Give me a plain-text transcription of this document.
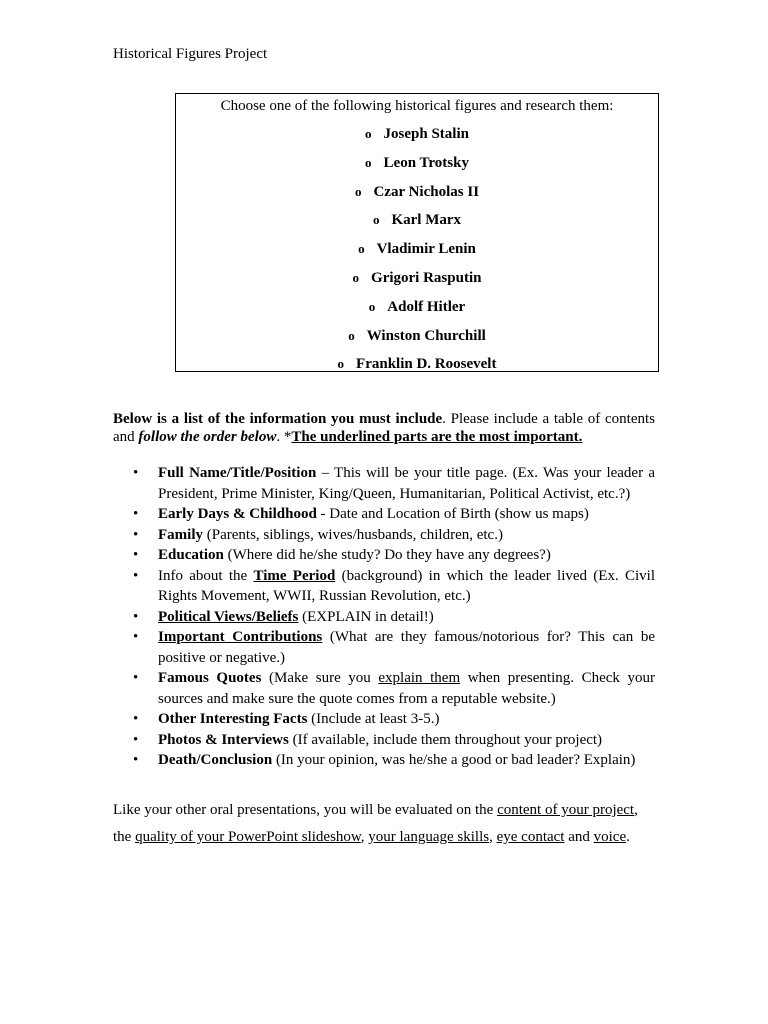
Historical Figures Project
Choose one of the following historical figures and research them:
o Joseph Stalin
o Leon Trotsky
o Czar Nicholas II
o Karl Marx
o Vladimir Lenin
o Grigori Rasputin
o Adolf Hitler
o Winston Churchill
o Franklin D. Roosevelt
Below is a list of the information you must include. Please include a table of contents and follow the order below. *The underlined parts are the most important.
• Full Name/Title/Position – This will be your title page. (Ex. Was your leader a President, Prime Minister, King/Queen, Humanitarian, Political Activist, etc.?)
• Early Days & Childhood - Date and Location of Birth (show us maps)
• Family (Parents, siblings, wives/husbands, children, etc.)
• Education (Where did he/she study? Do they have any degrees?)
• Info about the Time Period (background) in which the leader lived (Ex. Civil Rights Movement, WWII, Russian Revolution, etc.)
• Political Views/Beliefs (EXPLAIN in detail!)
• Important Contributions (What are they famous/notorious for? This can be positive or negative.)
• Famous Quotes (Make sure you explain them when presenting. Check your sources and make sure the quote comes from a reputable website.)
• Other Interesting Facts (Include at least 3-5.)
• Photos & Interviews (If available, include them throughout your project)
• Death/Conclusion (In your opinion, was he/she a good or bad leader? Explain)
Like your other oral presentations, you will be evaluated on the content of your project, the quality of your PowerPoint slideshow, your language skills, eye contact and voice.
